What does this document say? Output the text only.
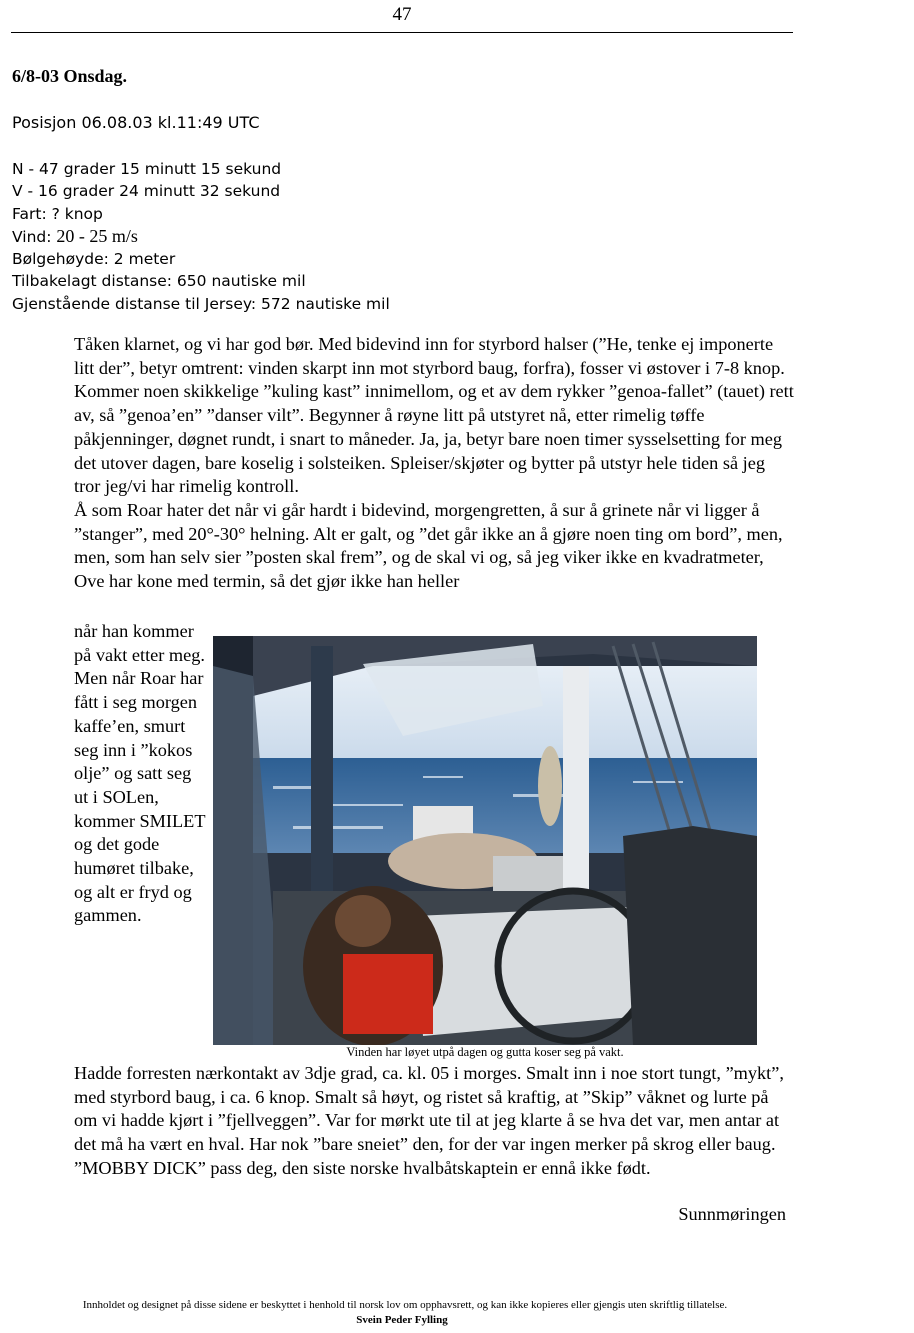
47
6/8-03 Onsdag.
Posisjon 06.08.03 kl.11:49 UTC
N - 47 grader 15 minutt 15 sekund
V - 16 grader 24 minutt 32 sekund
Fart: ? knop
Vind: 20 - 25 m/s
Bølgehøyde: 2 meter
Tilbakelagt distanse: 650 nautiske mil
Gjenstående distanse til Jersey: 572 nautiske mil

Tåken klarnet, og vi har god bør. Med bidevind inn for styrbord halser (”He, tenke ej imponerte litt der”, betyr omtrent: vinden skarpt inn mot styrbord baug, forfra), fosser vi østover i 7-8 knop.

Kommer noen skikkelige ”kuling kast” innimellom, og et av dem rykker ”genoa-fallet” (tauet) rett av, så ”genoa’en” ”danser vilt”. Begynner å røyne litt på utstyret nå, etter rimelig tøffe påkjenninger, døgnet rundt, i snart to måneder. Ja, ja, betyr bare noen timer sysselsetting for meg det utover dagen, bare koselig i solsteiken. Spleiser/skjøter og bytter på utstyr hele tiden så jeg tror jeg/vi har rimelig kontroll.

Å som Roar hater det når vi går hardt i bidevind, morgengretten, å sur å grinete når vi ligger å ”stanger”, med 20°-30° helning. Alt er galt, og ”det går ikke an å gjøre noen ting om bord”, men, men, som han selv sier ”posten skal frem”, og de skal vi og, så jeg viker ikke en kvadratmeter, Ove har kone med termin, så det gjør ikke han heller

når han kommer på vakt etter meg. Men når Roar har fått i seg morgen kaffe’en, smurt seg inn i ”kokos olje” og satt seg ut i SOLen, kommer SMILET og det gode humøret tilbake, og alt er fryd og gammen.
Vinden har løyet utpå dagen og gutta koser seg på vakt.

Hadde forresten nærkontakt av 3dje grad, ca. kl. 05 i morges. Smalt inn i noe stort tungt, ”mykt”, med styrbord baug, i ca. 6 knop. Smalt så høyt, og ristet så kraftig, at ”Skip” våknet og lurte på om vi hadde kjørt i ”fjellveggen”. Var for mørkt ute til at jeg klarte å se hva det var, men antar at det må ha vært en hval. Har nok ”bare sneiet” den, for der var ingen merker på skrog eller baug.

”MOBBY DICK” pass deg, den siste norske hvalbåtskaptein er ennå ikke født.

Sunnmøringen
Innholdet og designet på disse sidene er beskyttet i henhold til norsk lov om opphavsrett, og kan ikke kopieres eller gjengis uten skriftlig tillatelse.
Svein Peder Fylling
